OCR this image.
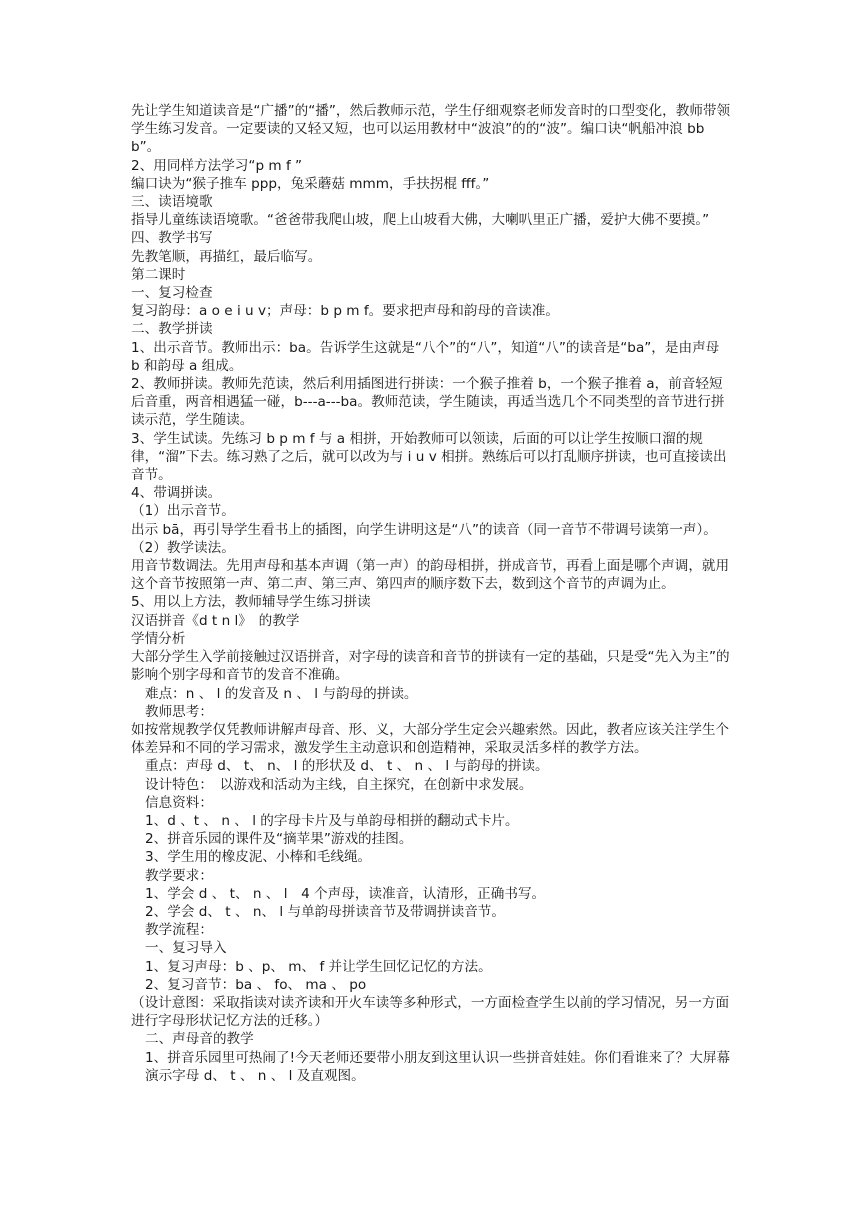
先让学生知道读音是“广播”的“播”，然后教师示范，学生仔细观察老师发音时的口型变化，教师带领学生练习发音。一定要读的又轻又短，也可以运用教材中“波浪”的的“波”。编口诀“帆船冲浪 bbb”。

2、用同样方法学习“p m f ”

编口诀为“猴子推车 ppp，兔采蘑菇 mmm，手扶拐棍 fff。”

三、读语境歌

指导儿童练读语境歌。“爸爸带我爬山坡，爬上山坡看大佛，大喇叭里正广播，爱护大佛不要摸。”

四、教学书写

先教笔顺，再描红，最后临写。

第二课时

一、复习检查

复习韵母：a o e i u v；声母：b p m f。要求把声母和韵母的音读准。

二、教学拼读

1、出示音节。教师出示：ba。告诉学生这就是“八个”的“八”，知道“八”的读音是“ba”，是由声母 b 和韵母 a 组成。

2、教师拼读。教师先范读，然后利用插图进行拼读：一个猴子推着 b，一个猴子推着 a，前音轻短后音重，两音相遇猛一碰，b---a---ba。教师范读，学生随读，再适当选几个不同类型的音节进行拼读示范，学生随读。

3、学生试读。先练习 b p m f 与 a 相拼，开始教师可以领读，后面的可以让学生按顺口溜的规律，“溜”下去。练习熟了之后，就可以改为与 i u v 相拼。熟练后可以打乱顺序拼读，也可直接读出音节。

4、带调拼读。

（1）出示音节。

出示 bā，再引导学生看书上的插图，向学生讲明这是“八”的读音（同一音节不带调号读第一声）。

（2）教学读法。

用音节数调法。先用声母和基本声调（第一声）的韵母相拼，拼成音节，再看上面是哪个声调，就用这个音节按照第一声、第二声、第三声、第四声的顺序数下去，数到这个音节的声调为止。

5、用以上方法，教师辅导学生练习拼读

汉语拼音《d t n l》　的教学

学情分析

大部分学生入学前接触过汉语拼音，对字母的读音和音节的拼读有一定的基础，只是受“先入为主”的影响个别字母和音节的发音不准确。

难点：n 、 l 的发音及 n 、 l 与韵母的拼读。

教师思考：

如按常规教学仅凭教师讲解声母音、形、义，大部分学生定会兴趣索然。因此，教者应该关注学生个体差异和不同的学习需求，激发学生主动意识和创造精神，采取灵活多样的教学方法。

重点：声母 d、 t、 n、 l 的形状及 d、 t 、 n 、 l 与韵母的拼读。

设计特色：　以游戏和活动为主线，自主探究，在创新中求发展。

信息资料：

1、d 、t 、 n 、 l 的字母卡片及与单韵母相拼的翻动式卡片。

2、拼音乐园的课件及“摘苹果”游戏的挂图。

3、学生用的橡皮泥、小棒和毛线绳。

教学要求：

1、学会 d 、 t、 n 、 l　4 个声母，读准音，认清形，正确书写。

2、学会 d、 t 、 n、 l 与单韵母拼读音节及带调拼读音节。

教学流程：

一、复习导入

1、复习声母：b 、p、 m、 f 并让学生回忆记忆的方法。

2、复习音节：ba 、 fo、 ma 、 po

（设计意图：采取指读对读齐读和开火车读等多种形式，一方面检查学生以前的学习情况，另一方面进行字母形状记忆方法的迁移。）

二、声母音的教学

1、拼音乐园里可热闹了!今天老师还要带小朋友到这里认识一些拼音娃娃。你们看谁来了？大屏幕演示字母 d、 t 、 n 、 l 及直观图。
